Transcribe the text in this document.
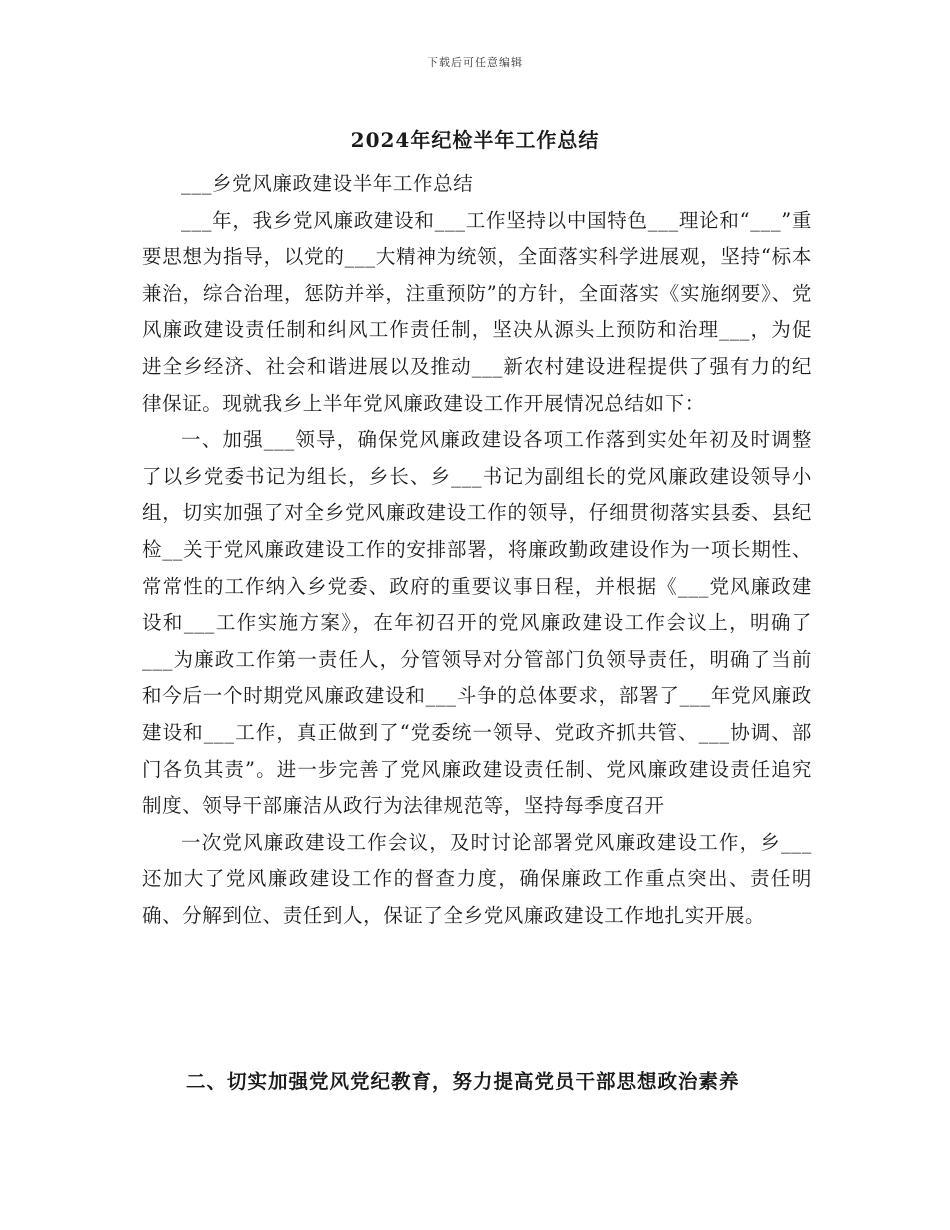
下载后可任意编辑
2024年纪检半年工作总结

___乡党风廉政建设半年工作总结

___年，我乡党风廉政建设和___工作坚持以中国特色___理论和“___”重要思想为指导，以党的___大精神为统领，全面落实科学进展观，坚持“标本兼治，综合治理，惩防并举，注重预防”的方针，全面落实《实施纲要》、党风廉政建设责任制和纠风工作责任制，坚决从源头上预防和治理___，为促进全乡经济、社会和谐进展以及推动___新农村建设进程提供了强有力的纪律保证。现就我乡上半年党风廉政建设工作开展情况总结如下：

一、加强___领导，确保党风廉政建设各项工作落到实处年初及时调整了以乡党委书记为组长，乡长、乡___书记为副组长的党风廉政建设领导小组，切实加强了对全乡党风廉政建设工作的领导，仔细贯彻落实县委、县纪检__关于党风廉政建设工作的安排部署，将廉政勤政建设作为一项长期性、常常性的工作纳入乡党委、政府的重要议事日程，并根据《___党风廉政建设和___工作实施方案》，在年初召开的党风廉政建设工作会议上，明确了___为廉政工作第一责任人，分管领导对分管部门负领导责任，明确了当前和今后一个时期党风廉政建设和___斗争的总体要求，部署了___年党风廉政建设和___工作，真正做到了“党委统一领导、党政齐抓共管、___协调、部门各负其责”。进一步完善了党风廉政建设责任制、党风廉政建设责任追究制度、领导干部廉洁从政行为法律规范等，坚持每季度召开

一次党风廉政建设工作会议，及时讨论部署党风廉政建设工作，乡___还加大了党风廉政建设工作的督查力度，确保廉政工作重点突出、责任明确、分解到位、责任到人，保证了全乡党风廉政建设工作地扎实开展。

二、切实加强党风党纪教育，努力提高党员干部思想政治素养
